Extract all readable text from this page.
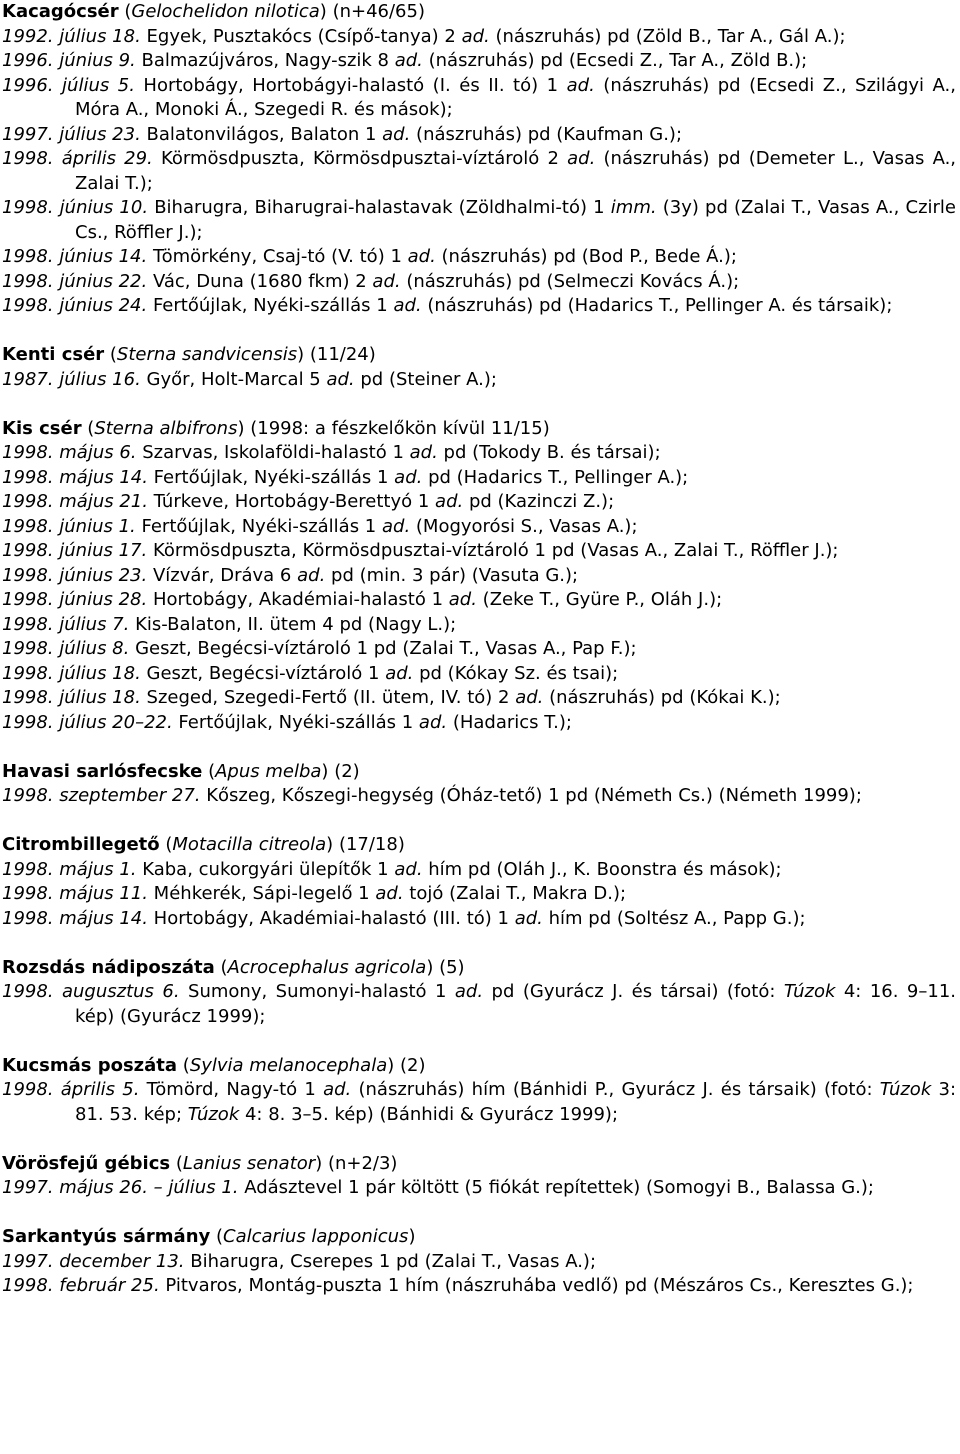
Kacagócsér (Gelochelidon nilotica) (n+46/65)
1992. július 18. Egyek, Pusztakócs (Csípő-tanya) 2 ad. (nászruhás) pd (Zöld B., Tar A., Gál A.);
1996. június 9. Balmazújváros, Nagy-szik 8 ad. (nászruhás) pd (Ecsedi Z., Tar A., Zöld B.);
1996. július 5. Hortobágy, Hortobágyi-halastó (I. és II. tó) 1 ad. (nászruhás) pd (Ecsedi Z., Szilágyi A., Móra A., Monoki Á., Szegedi R. és mások);
1997. július 23. Balatonvilágos, Balaton 1 ad. (nászruhás) pd (Kaufman G.);
1998. április 29. Körmösdpuszta, Körmösdpusztai-víztároló 2 ad. (nászruhás) pd (Demeter L., Vasas A., Zalai T.);
1998. június 10. Biharugra, Biharugrai-halastavak (Zöldhalmi-tó) 1 imm. (3y) pd (Zalai T., Vasas A., Czirle Cs., Röffler J.);
1998. június 14. Tömörkény, Csaj-tó (V. tó) 1 ad. (nászruhás) pd (Bod P., Bede Á.);
1998. június 22. Vác, Duna (1680 fkm) 2 ad. (nászruhás) pd (Selmeczi Kovács Á.);
1998. június 24. Fertőújlak, Nyéki-szállás 1 ad. (nászruhás) pd (Hadarics T., Pellinger A. és társaik);
Kenti csér (Sterna sandvicensis) (11/24)
1987. július 16. Győr, Holt-Marcal 5 ad. pd (Steiner A.);
Kis csér (Sterna albifrons) (1998: a fészkelőkön kívül 11/15)
1998. május 6. Szarvas, Iskolaföldi-halastó 1 ad. pd (Tokody B. és társai);
1998. május 14. Fertőújlak, Nyéki-szállás 1 ad. pd (Hadarics T., Pellinger A.);
1998. május 21. Túrkeve, Hortobágy-Berettyó 1 ad. pd (Kazinczi Z.);
1998. június 1. Fertőújlak, Nyéki-szállás 1 ad. (Mogyorósi S., Vasas A.);
1998. június 17. Körmösdpuszta, Körmösdpusztai-víztároló 1 pd (Vasas A., Zalai T., Röffler J.);
1998. június 23. Vízvár, Dráva 6 ad. pd (min. 3 pár) (Vasuta G.);
1998. június 28. Hortobágy, Akadémiai-halastó 1 ad. (Zeke T., Gyüre P., Oláh J.);
1998. július 7. Kis-Balaton, II. ütem 4 pd (Nagy L.);
1998. július 8. Geszt, Begécsi-víztároló 1 pd (Zalai T., Vasas A., Pap F.);
1998. július 18. Geszt, Begécsi-víztároló 1 ad. pd (Kókay Sz. és tsai);
1998. július 18. Szeged, Szegedi-Fertő (II. ütem, IV. tó) 2 ad. (nászruhás) pd (Kókai K.);
1998. július 20–22. Fertőújlak, Nyéki-szállás 1 ad. (Hadarics T.);
Havasi sarlósfecske (Apus melba) (2)
1998. szeptember 27. Kőszeg, Kőszegi-hegység (Óház-tető) 1 pd (Németh Cs.) (Németh 1999);
Citrombillegető (Motacilla citreola) (17/18)
1998. május 1. Kaba, cukorgyári ülepítők 1 ad. hím pd (Oláh J., K. Boonstra és mások);
1998. május 11. Méhkerék, Sápi-legelő 1 ad. tojó (Zalai T., Makra D.);
1998. május 14. Hortobágy, Akadémiai-halastó (III. tó) 1 ad. hím pd (Soltész A., Papp G.);
Rozsdás nádiposzáta (Acrocephalus agricola) (5)
1998. augusztus 6. Sumony, Sumonyi-halastó 1 ad. pd (Gyurácz J. és társai) (fotó: Túzok 4: 16. 9–11. kép) (Gyurácz 1999);
Kucsmás poszáta (Sylvia melanocephala) (2)
1998. április 5. Tömörd, Nagy-tó 1 ad. (nászruhás) hím (Bánhidi P., Gyurácz J. és társaik) (fotó: Túzok 3: 81. 53. kép; Túzok 4: 8. 3–5. kép) (Bánhidi & Gyurácz 1999);
Vörösfejű gébics (Lanius senator) (n+2/3)
1997. május 26. – július 1. Adásztevel 1 pár költött (5 fiókát repítettek) (Somogyi B., Balassa G.);
Sarkantyús sármány (Calcarius lapponicus)
1997. december 13. Biharugra, Cserepes 1 pd (Zalai T., Vasas A.);
1998. február 25. Pitvaros, Montág-puszta 1 hím (nászruhába vedlő) pd (Mészáros Cs., Keresztes G.);
